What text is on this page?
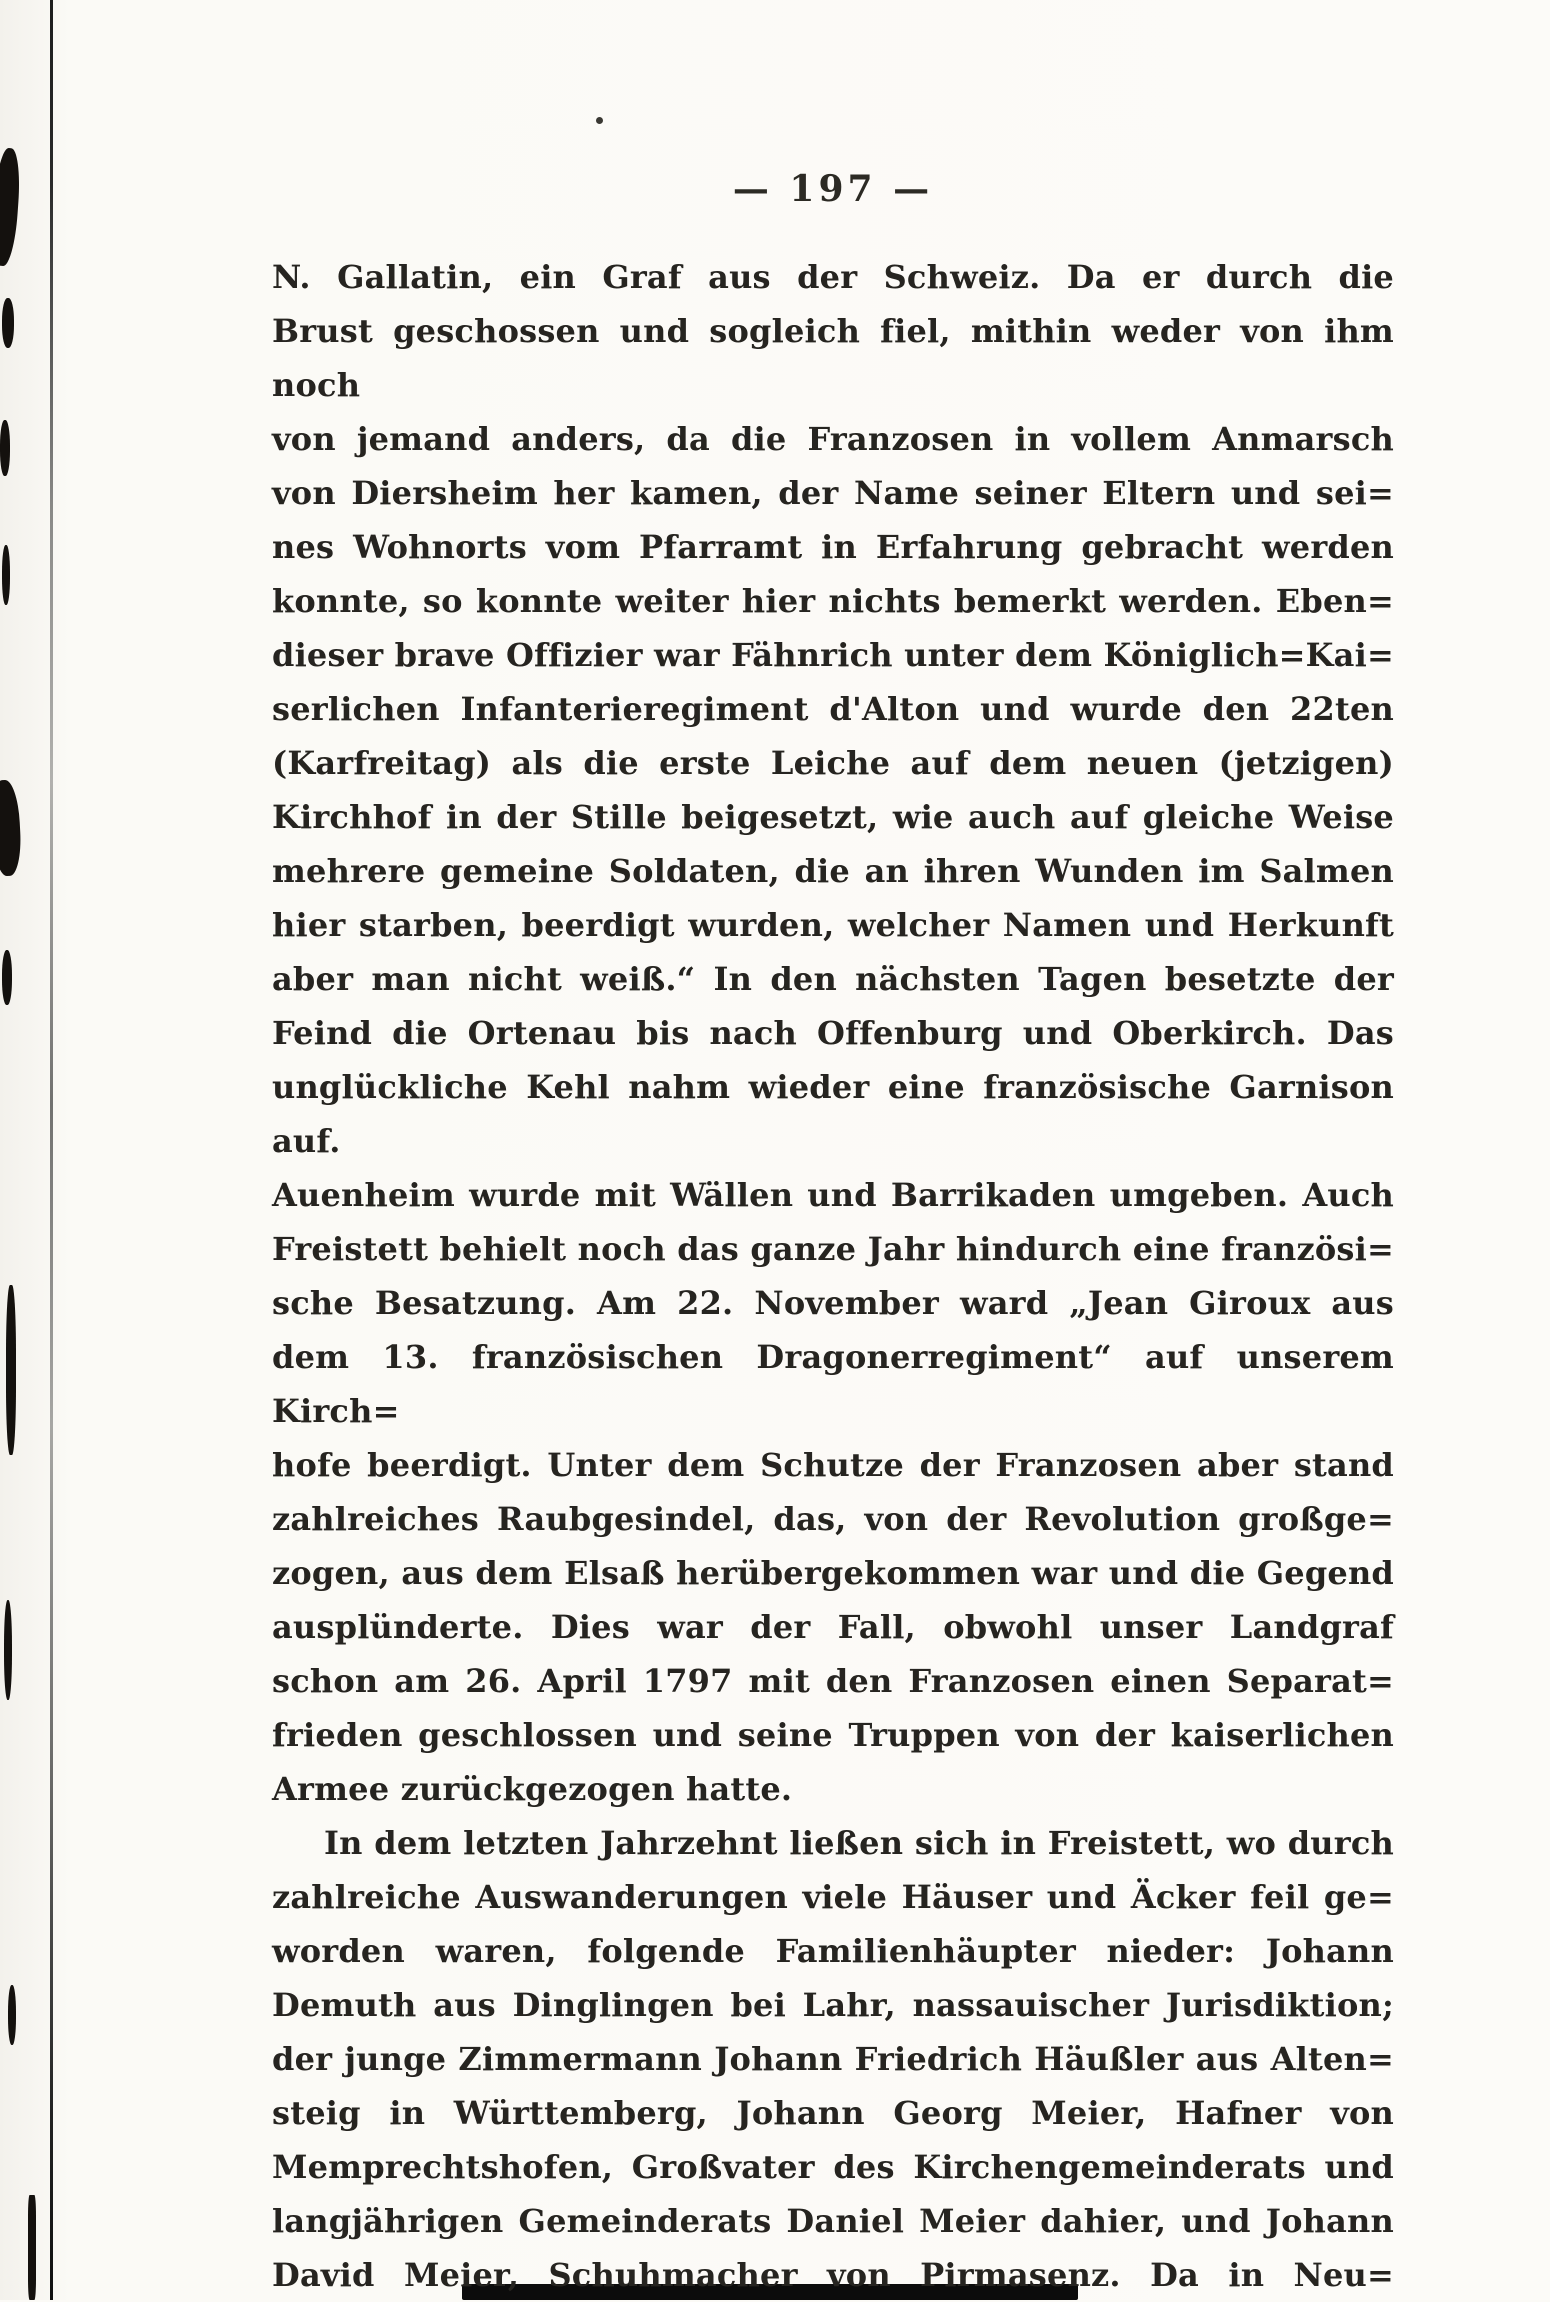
— 197 —
N. Gallatin, ein Graf aus der Schweiz. Da er durch die
Brust geschossen und sogleich fiel, mithin weder von ihm noch
von jemand anders, da die Franzosen in vollem Anmarsch
von Diersheim her kamen, der Name seiner Eltern und sei=
nes Wohnorts vom Pfarramt in Erfahrung gebracht werden
konnte, so konnte weiter hier nichts bemerkt werden. Eben=
dieser brave Offizier war Fähnrich unter dem Königlich=Kai=
serlichen Infanterieregiment d'Alton und wurde den 22ten
(Karfreitag) als die erste Leiche auf dem neuen (jetzigen)
Kirchhof in der Stille beigesetzt, wie auch auf gleiche Weise
mehrere gemeine Soldaten, die an ihren Wunden im Salmen
hier starben, beerdigt wurden, welcher Namen und Herkunft
aber man nicht weiß.“ In den nächsten Tagen besetzte der
Feind die Ortenau bis nach Offenburg und Oberkirch. Das
unglückliche Kehl nahm wieder eine französische Garnison auf.
Auenheim wurde mit Wällen und Barrikaden umgeben. Auch
Freistett behielt noch das ganze Jahr hindurch eine französi=
sche Besatzung. Am 22. November ward „Jean Giroux aus
dem 13. französischen Dragonerregiment“ auf unserem Kirch=
hofe beerdigt. Unter dem Schutze der Franzosen aber stand
zahlreiches Raubgesindel, das, von der Revolution großge=
zogen, aus dem Elsaß herübergekommen war und die Gegend
ausplünderte. Dies war der Fall, obwohl unser Landgraf
schon am 26. April 1797 mit den Franzosen einen Separat=
frieden geschlossen und seine Truppen von der kaiserlichen
Armee zurückgezogen hatte.
In dem letzten Jahrzehnt ließen sich in Freistett, wo durch
zahlreiche Auswanderungen viele Häuser und Äcker feil ge=
worden waren, folgende Familienhäupter nieder: Johann
Demuth aus Dinglingen bei Lahr, nassauischer Jurisdiktion;
der junge Zimmermann Johann Friedrich Häußler aus Alten=
steig in Württemberg, Johann Georg Meier, Hafner von
Memprechtshofen, Großvater des Kirchengemeinderats und
langjährigen Gemeinderats Daniel Meier dahier, und Johann
David Meier, Schuhmacher von Pirmasenz. Da in Neu=
